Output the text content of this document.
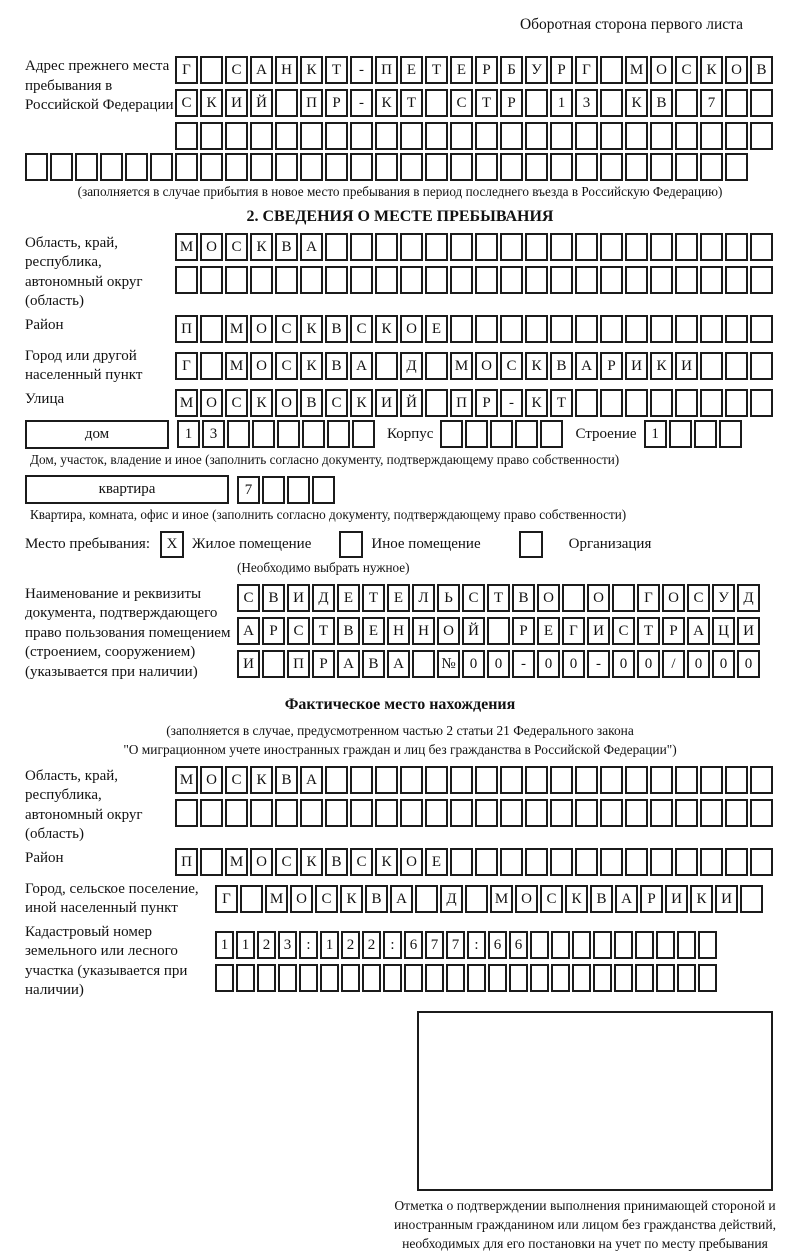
Оборотная сторона первого листа
Адрес прежнего места пребывания в Российской Федерации
Г	С А Н К	Т	-	П Е	Т	Е	Р	Б	У	Р	Г	М О С К О В
С К И Й	П	Р	-	К	Т	С	Т	Р	1	3	К В	7
(заполняется в случае прибытия в новое место пребывания в период последнего въезда в Российскую Федерацию)
2. СВЕДЕНИЯ О МЕСТЕ ПРЕБЫВАНИЯ
Область, край, республика, автономный округ (область)
М О С К В А
Район	П	М О С К В С К О Е
Город или другой населенный пункт
Г	М О С К В А	Д	М О С К В А	Р	И К И
Улица	М О С К О В С К И Й	П	Р	-	К	Т
дом	1	3	Корпус	Строение 1
Дом, участок, владение и иное (заполнить согласно документу, подтверждающему право собственности)
квартира	7
Квартира, комната, офис и иное (заполнить согласно документу, подтверждающему право собственности)
Место пребывания:	X Жилое помещение	Иное помещение	Организация
(Необходимо выбрать нужное)
Наименование и реквизиты документа, подтверждающего право пользования помещением (строением, сооружением) (указывается при наличии)
С В И Д	Е	Т	Е	Л	Ь	С	Т	В О	О	Г	О С У Д
А	Р	С	Т	В	Е	Н Н О Й	Р	Е	Г	И С	Т	Р	А Ц И
И	П	Р	А В А	№ 0	0	-	0	0	-	0	0	/	0	0	0
Фактическое место нахождения
(заполняется в случае, предусмотренном частью 2 статьи 21 Федерального закона
"О миграционном учете иностранных граждан и лиц без гражданства в Российской Федерации")
Область, край, республика, автономный округ (область)
М О С К В А
Район	П	М О С К В С К О Е
Город, сельское поселение, иной населенный пункт
Г	М О С К В А	Д	М О С К В А	Р	И К И
Кадастровый номер земельного или лесного участка (указывается при наличии)
1 1 2 3	:	1 2 2	:	6 7 7	:	6 6
Отметка о подтверждении выполнения принимающей стороной и иностранным гражданином или лицом без гражданства действий, необходимых для его постановки на учет по месту пребывания
